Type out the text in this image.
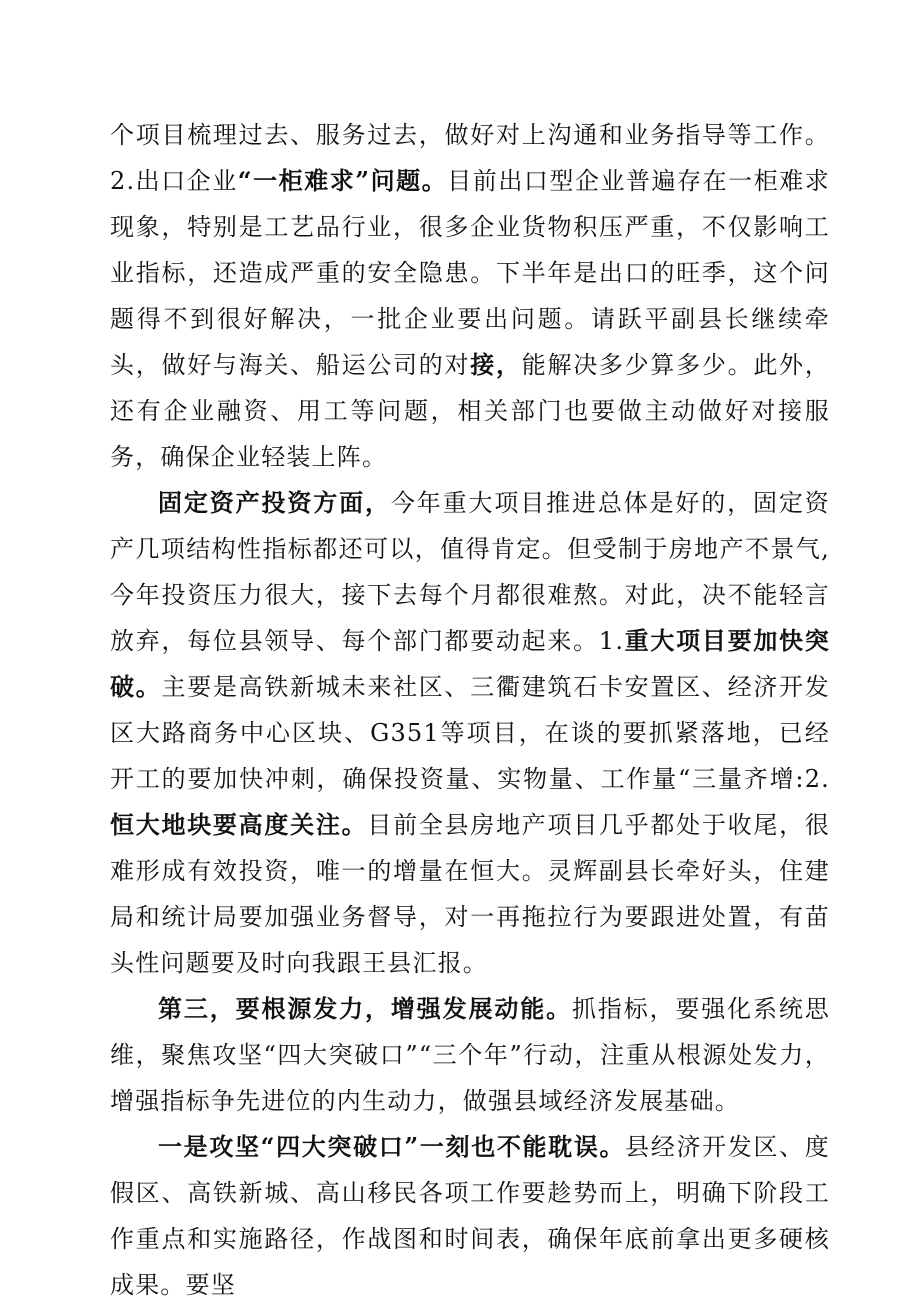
个项目梳理过去、服务过去，做好对上沟通和业务指导等工作。2.出口企业“一柜难求”问题。目前出口型企业普遍存在一柜难求现象，特别是工艺品行业，很多企业货物积压严重，不仅影响工业指标，还造成严重的安全隐患。下半年是出口的旺季，这个问题得不到很好解决，一批企业要出问题。请跃平副县长继续牵头，做好与海关、船运公司的对接，能解决多少算多少。此外，还有企业融资、用工等问题，相关部门也要做主动做好对接服务，确保企业轻装上阵。

固定资产投资方面，今年重大项目推进总体是好的，固定资产几项结构性指标都还可以，值得肯定。但受制于房地产不景气,今年投资压力很大，接下去每个月都很难熬。对此，决不能轻言放弃，每位县领导、每个部门都要动起来。1.重大项目要加快突破。主要是高铁新城未来社区、三衢建筑石卡安置区、经济开发区大路商务中心区块、G351等项目，在谈的要抓紧落地，已经开工的要加快冲刺，确保投资量、实物量、工作量“三量齐增:2.恒大地块要高度关注。目前全县房地产项目几乎都处于收尾，很难形成有效投资，唯一的增量在恒大。灵辉副县长牵好头，住建局和统计局要加强业务督导，对一再拖拉行为要跟进处置，有苗头性问题要及时向我跟王县汇报。

第三，要根源发力，增强发展动能。抓指标，要强化系统思维，聚焦攻坚“四大突破口”“三个年”行动，注重从根源处发力，增强指标争先进位的内生动力，做强县域经济发展基础。

一是攻坚“四大突破口”一刻也不能耽误。县经济开发区、度假区、高铁新城、高山移民各项工作要趁势而上，明确下阶段工作重点和实施路径，作战图和时间表，确保年底前拿出更多硬核成果。要坚
